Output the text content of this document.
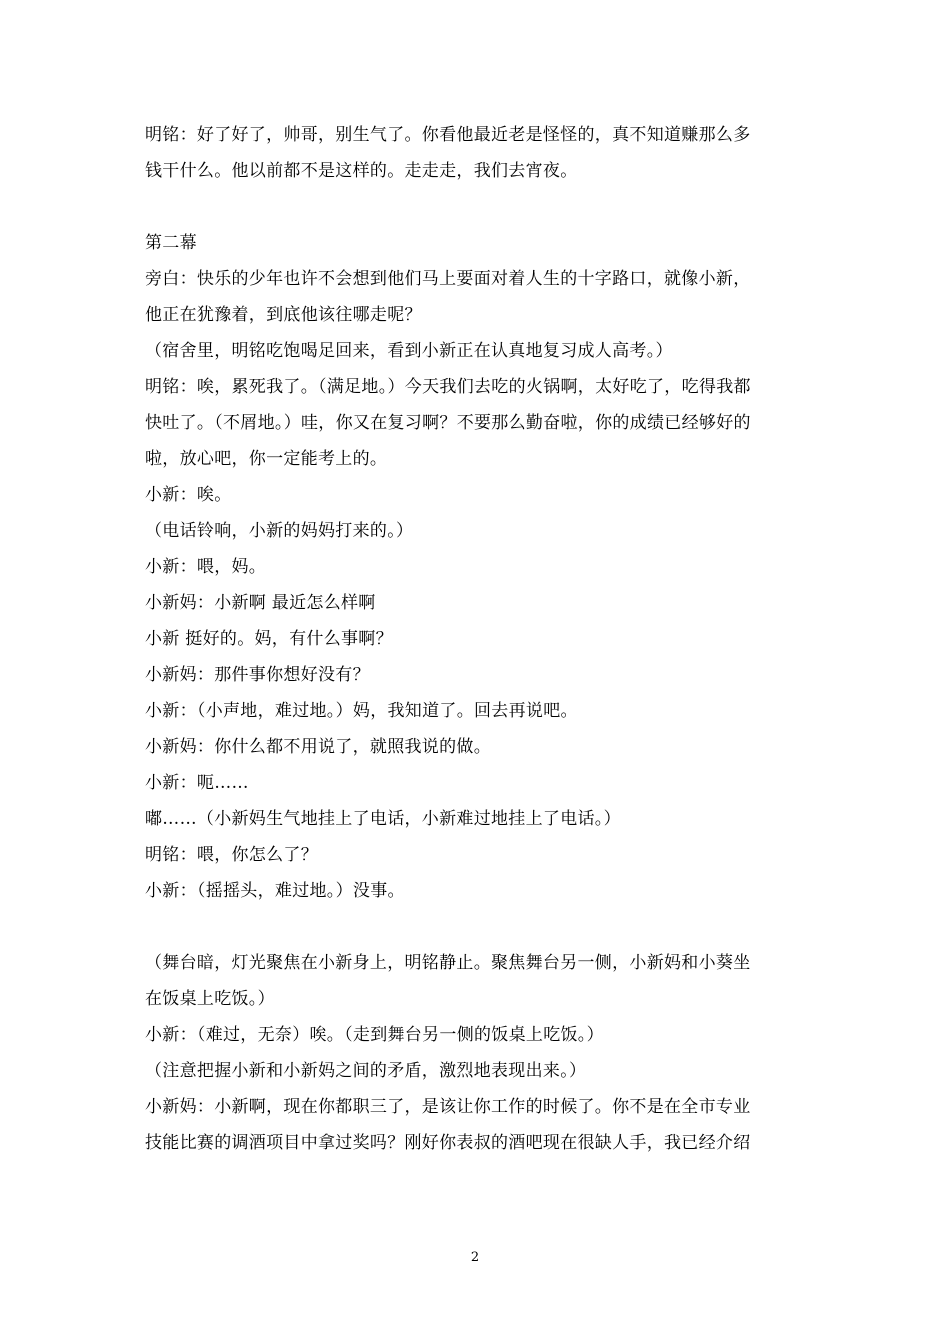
明铭：好了好了，帅哥，别生气了。你看他最近老是怪怪的，真不知道赚那么多
钱干什么。他以前都不是这样的。走走走，我们去宵夜。
第二幕
旁白：快乐的少年也许不会想到他们马上要面对着人生的十字路口，就像小新，
他正在犹豫着，到底他该往哪走呢？
（宿舍里，明铭吃饱喝足回来，看到小新正在认真地复习成人高考。）
明铭：唉，累死我了。（满足地。）今天我们去吃的火锅啊，太好吃了，吃得我都
快吐了。（不屑地。）哇，你又在复习啊？不要那么勤奋啦，你的成绩已经够好的
啦，放心吧，你一定能考上的。
小新：唉。
（电话铃响，小新的妈妈打来的。）
小新：喂，妈。
小新妈：小新啊 最近怎么样啊
小新 挺好的。妈，有什么事啊？
小新妈：那件事你想好没有？
小新：（小声地，难过地。）妈，我知道了。回去再说吧。
小新妈：你什么都不用说了，就照我说的做。
小新：呃……
嘟……（小新妈生气地挂上了电话，小新难过地挂上了电话。）
明铭：喂，你怎么了？
小新：（摇摇头，难过地。）没事。
（舞台暗，灯光聚焦在小新身上，明铭静止。聚焦舞台另一侧，小新妈和小葵坐
在饭桌上吃饭。）
小新：（难过，无奈）唉。（走到舞台另一侧的饭桌上吃饭。）
（注意把握小新和小新妈之间的矛盾，激烈地表现出来。）
小新妈：小新啊，现在你都职三了，是该让你工作的时候了。你不是在全市专业
技能比赛的调酒项目中拿过奖吗？刚好你表叔的酒吧现在很缺人手，我已经介绍
2
